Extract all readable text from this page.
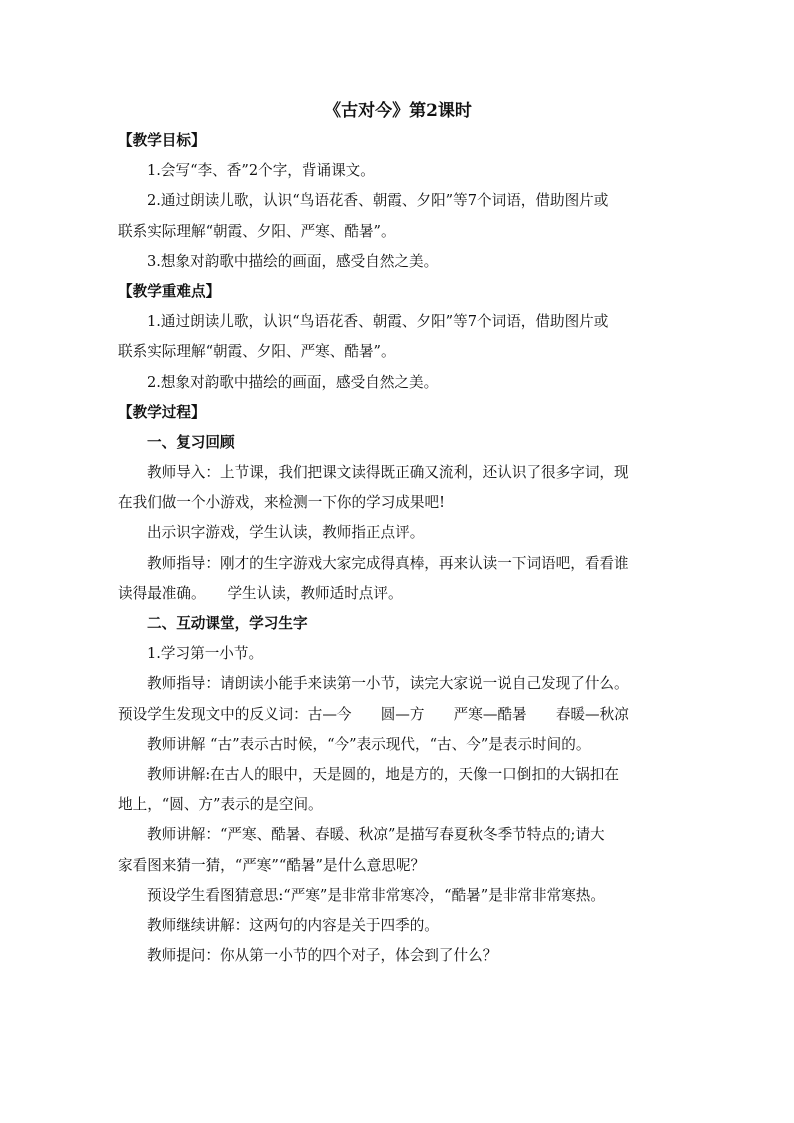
《古对今》第2课时
【教学目标】
1.会写“李、香”2个字，背诵课文。
2.通过朗读儿歌，认识“鸟语花香、朝霞、夕阳”等7个词语，借助图片或
联系实际理解“朝霞、夕阳、严寒、酷暑”。
3.想象对韵歌中描绘的画面，感受自然之美。
【教学重难点】
1.通过朗读儿歌，认识“鸟语花香、朝霞、夕阳”等7个词语，借助图片或
联系实际理解“朝霞、夕阳、严寒、酷暑”。
2.想象对韵歌中描绘的画面，感受自然之美。
【教学过程】
一、复习回顾
教师导入：上节课，我们把课文读得既正确又流利，还认识了很多字词，现
在我们做一个小游戏，来检测一下你的学习成果吧!
出示识字游戏，学生认读，教师指正点评。
教师指导：刚才的生字游戏大家完成得真棒，再来认读一下词语吧，看看谁
读得最准确。　　学生认读，教师适时点评。
二、互动课堂，学习生字
1.学习第一小节。
教师指导：请朗读小能手来读第一小节，读完大家说一说自己发现了什么。
预设学生发现文中的反义词：古—今　　圆—方　　严寒—酷暑　　春暖—秋凉
教师讲解 “古”表示古时候，“今”表示现代，“古、今”是表示时间的。
教师讲解:在古人的眼中，天是圆的，地是方的，天像一口倒扣的大锅扣在
地上，“圆、方”表示的是空间。
教师讲解：“严寒、酷暑、春暖、秋凉”是描写春夏秋冬季节特点的;请大
家看图来猜一猜，“严寒”“酷暑”是什么意思呢？
预设学生看图猜意思:“严寒”是非常非常寒冷，“酷暑”是非常非常寒热。
教师继续讲解：这两句的内容是关于四季的。
教师提问：你从第一小节的四个对子，体会到了什么？
